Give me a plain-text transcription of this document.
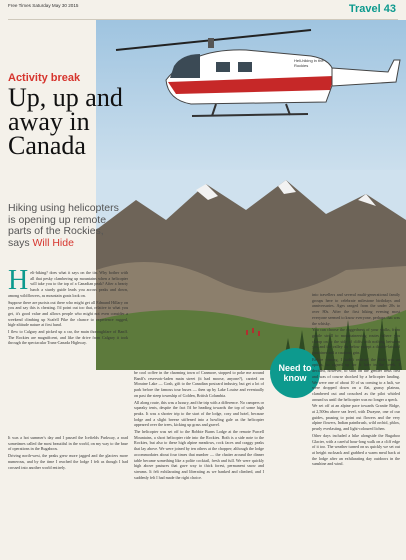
Free Times Saturday May 30 2015	Travel 43
Heli-hiking in the Rockies
Activity break
Up, up and away in Canada
Hiking using helicopters is opening up remote parts of the Rockies, says Will Hide
H eli-hiking? does what it says on the tin. Why bother with all that pesky clambering up mountains when a helicopter will take you to the top of a Canadian peak? After a hearty lunch a sturdy guide leads you across peaks and down, among wildflowers, as mountain goats look on.

Suppose there are purists out there who might get all Edmund Hillary on you and say this is cheating. I'd point out too that, relative to what you get, it's good value and allows people who might not even consider a weekend climbing up Scafell Pike the chance to experience rugged, high-altitude nature at first hand.

I flew to Calgary and picked up a car, the main thoroughfare of Banff. The Rockies are magnificent, and like the drive from Calgary it took through the spectacular Trans-Canada Highway.

It was a hot summer's day and I passed the Icefields Parkway, a road sometimes called the most beautiful in the world, on my way to the base of operations in the Bugaboos.

Driving north-west, the peaks grew more jagged and the glaciers more numerous, and by the time I reached the lodge I felt as though I had crossed into another world entirely.

be cool coffee in the charming town of Canmore, stopped to poke me around Banff's reservoir-laden main street (it had moose, anyone?), carried on Moraine Lake — Gosh, gift to the Canadian postcard industry, but get a lot of park before the famous tour buses — then up by Lake Louise and eventually on past the steep township of Golden, British Columbia.

All along route, this was a luxury, and the trip with a difference. No campers or squeaky tents, despite the fact I'd be heading towards the top of some high peaks. It was a shorter trip to the start of the lodge, cosy and hotel, because lodge and a slight breeze stiffened into a howling gale as the helicopter appeared over the trees, kicking up grass and gravel.

The helicopter was set off to the Bobbie Burns Lodge at the remote Purcell Mountains, a short helicopter ride into the Rockies. Both is a side note to the Rockies, but also to these high alpine meadows, rock faces and craggy peaks that lay above. We were joined by ten others at the chopper; although the lodge accommodates about four times that number — the chatter around the dinner table became something like a polite cocktail, fresh and full. We were quickly high above pastures that gave way to thick forest, permanent snow and streams. It felt exhilarating and liberating as we banked and climbed, and I suddenly felt I had made the right choice.

Need to know

into travellers and several multi-generational family groups here to celebrate milestone birthdays and anniversaries. Ages ranged from the under 20s to over 80s. After the first hiking evening most everyone seemed to know everyone, perhaps that was the whisky.

You can choose the ruggedness of your walks, from gentle stroll to mountaineering routes where you clamp on to the side of cliffs with nothing between you and the valley far below except a double-latched carabiner and a cautious grin.

Before coming, I hadn't realised the little was an option, so signed up for it later in the week. I decided, however, to start on the gentler treks first and was of course shocked by a helicopter landing. We were one of about 10 of us coming to a halt, we were dropped down on a flat, grassy plateau, clambered out and crouched as the pilot whirled around us until the helicopter was no longer a speck.

We set off at an alpine pace towards Granite Ridge, at 2,500m above sea level, with Dwayne, one of our guides, pausing to point out flowers and the very alpine flowers, Indian paintbrush, wild orchid, phlox, pearly everlasting, and light-coloured lichen.

Other days included a hike alongside the Bugaboo Glacier, with a careful hour-long walk on a cliff edge of it too. The weather turned on us quickly we set out at height rucksack and grabbed a warm meal back at the lodge after an exhilarating day outdoors in the sunshine and wind.
